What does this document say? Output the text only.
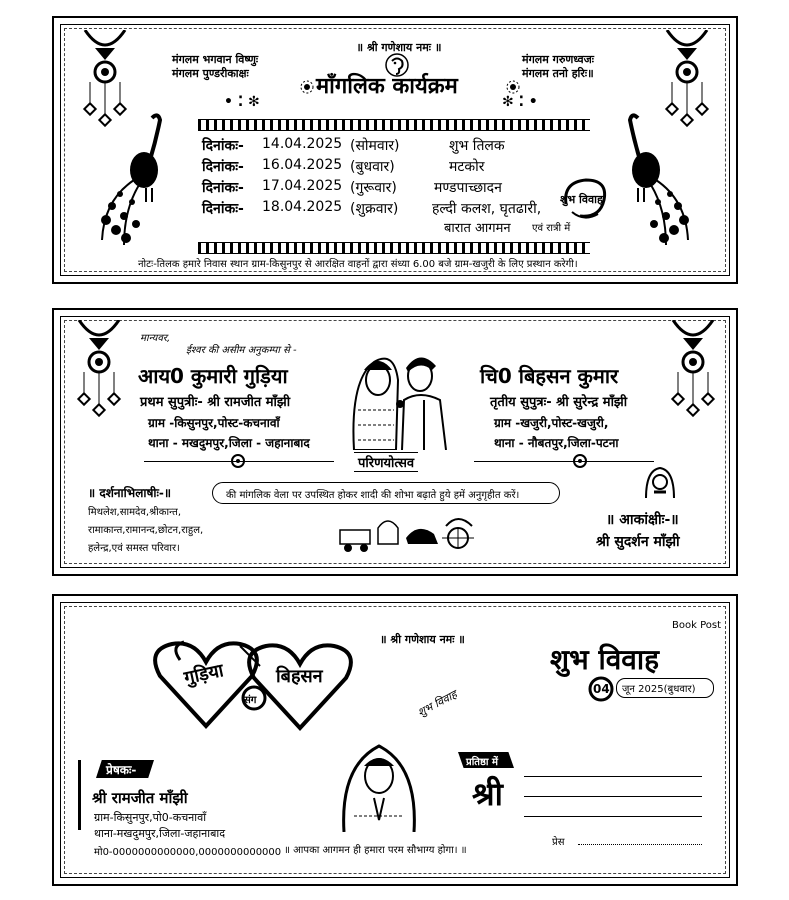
॥ श्री गणेशाय नमः ॥
मंगलम भगवान विष्णुः
मंगलम पुण्डरीकाक्षः
मंगलम गरुणध्वजः
मंगलम तनो हरिः॥
माँगलिक कार्यक्रम
• ⁚ ✻	✻ ⁚ •
दिनांकः- 14.04.2025 (सोमवार)	शुभ तिलक
दिनांकः- 16.04.2025 (बुधवार)	मटकोर
दिनांकः- 17.04.2025 (गुरूवार)	मण्डपाच्छादन
दिनांकः- 18.04.2025 (शुक्रवार) हल्दी कलश, घृतढारी,
बारात आगमन एवं रात्री में
शुभ विवाह
नोटः-तिलक हमारे निवास स्थान ग्राम-किसुनपुर से आरक्षित वाहनों द्वारा संध्या 6.00 बजे ग्राम-खजुरी के लिए प्रस्थान करेगी।
मान्यवर,
ईश्वर की असीम अनुकम्पा से -
आय0 कुमारी गुड़िया
प्रथम सुपुत्रीः- श्री रामजीत माँझी
ग्राम -किसुनपुर,पोस्ट-कचनावाँ
थाना - मखदुमपुर,जिला - जहानाबाद
चि0 बिहसन कुमार
तृतीय सुपुत्रः- श्री सुरेन्द्र माँझी
ग्राम -खजुरी,पोस्ट-खजुरी,
थाना - नौबतपुर,जिला-पटना
परिणयोत्सव
की मांगलिक वेला पर उपस्थित होकर शादी की शोभा बढ़ाते हुये हमें अनुगृहीत करें।
॥ दर्शनाभिलाषीः-॥
मिथलेश,सामदेव,श्रीकान्त,
रामाकान्त,रामानन्द,छोटन,राहुल,
हलेन्द्र,एवं समस्त परिवार।
॥ आकांक्षीः-॥
श्री सुदर्शन माँझी
॥ श्री गणेशाय नमः ॥
Book Post
गुड़िया	बिहसन
संग	शुभ विवाह
शुभ विवाह
04 जून 2025(बुधवार)
॥ आपका आगमन ही हमारा परम सौभाग्य होगा। ॥
प्रेषकः-
श्री रामजीत माँझी
ग्राम-किसुनपुर,पो0-कचनावाँ
थाना-मखदुमपुर,जिला-जहानाबाद
मो0-0000000000000,0000000000000
प्रतिष्ठा में
श्री
प्रेस
